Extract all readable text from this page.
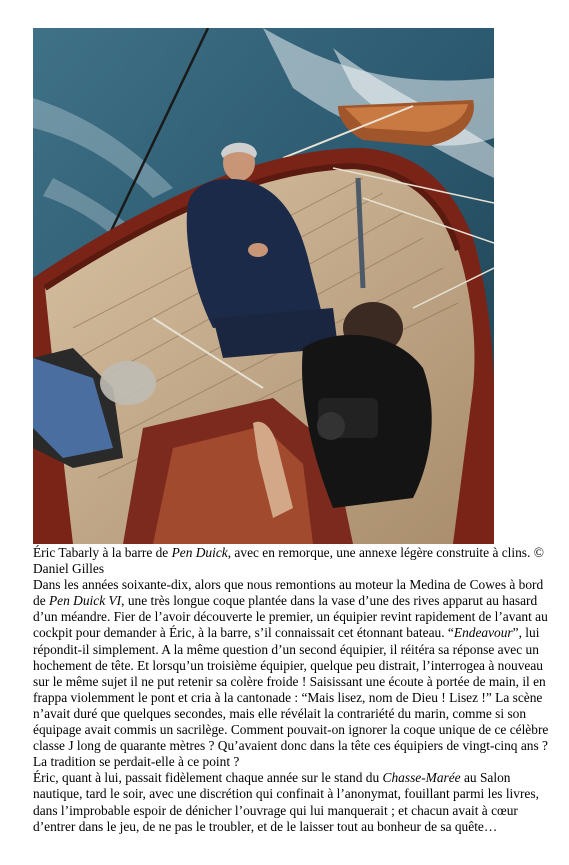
Éric Tabarly à la barre de Pen Duick, avec en remorque, une annexe légère construite à clins. © Daniel Gilles

Dans les années soixante-dix, alors que nous remontions au moteur la Medina de Cowes à bord de Pen Duick VI, une très longue coque plantée dans la vase d’une des rives apparut au hasard d’un méandre. Fier de l’avoir découverte le premier, un équipier revint rapidement de l’avant au cockpit pour demander à Éric, à la barre, s’il connaissait cet étonnant bateau. “Endeavour”, lui répondit-il simplement. A la même question d’un second équipier, il réitéra sa réponse avec un hochement de tête. Et lorsqu’un troisième équipier, quelque peu distrait, l’interrogea à nouveau sur le même sujet il ne put retenir sa colère froide ! Saisissant une écoute à portée de main, il en frappa violemment le pont et cria à la cantonade : “Mais lisez, nom de Dieu ! Lisez !” La scène n’avait duré que quelques secondes, mais elle révélait la contrariété du marin, comme si son équipage avait commis un sacrilège. Comment pouvait-on ignorer la coque unique de ce célèbre classe J long de quarante mètres ? Qu’avaient donc dans la tête ces équipiers de vingt-cinq ans ? La tradition se perdait-elle à ce point ?

Éric, quant à lui, passait fidèlement chaque année sur le stand du Chasse-Marée au Salon nautique, tard le soir, avec une discrétion qui confinait à l’anonymat, fouillant parmi les livres, dans l’improbable espoir de dénicher l’ouvrage qui lui manquerait ; et chacun avait à cœur d’entrer dans le jeu, de ne pas le troubler, et de le laisser tout au bonheur de sa quête…
